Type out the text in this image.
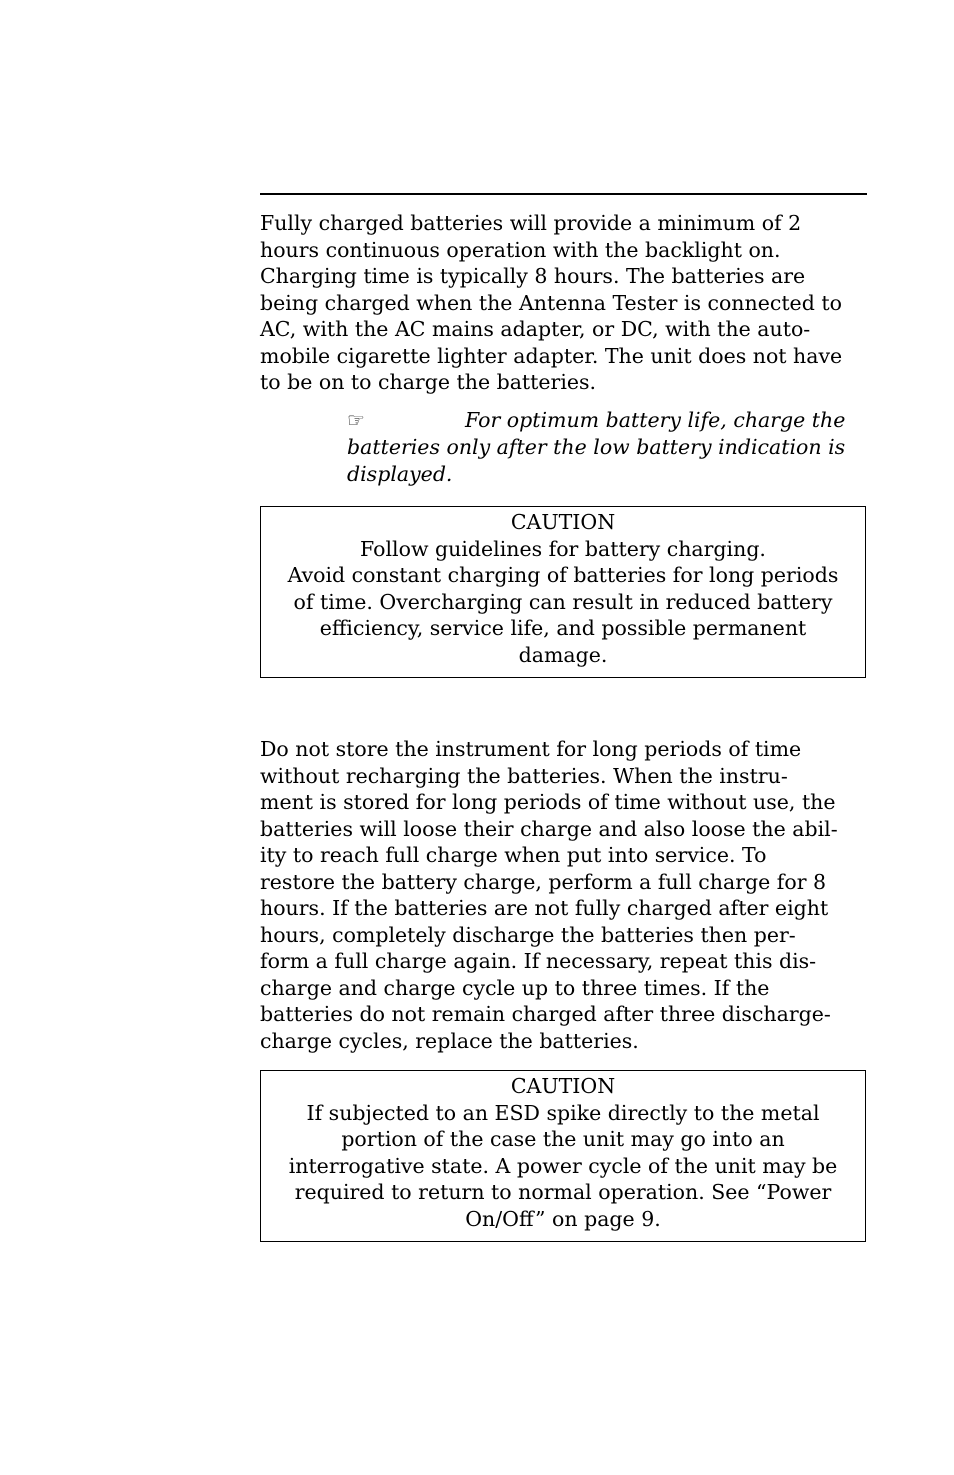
Fully charged batteries will provide a minimum of 2
hours continuous operation with the backlight on.
Charging time is typically 8 hours. The batteries are
being charged when the Antenna Tester is connected to
AC, with the AC mains adapter, or DC, with the auto-
mobile cigarette lighter adapter. The unit does not have
to be on to charge the batteries.
☞	For optimum battery life, charge the
batteries only after the low battery indication is
displayed.
CAUTION
Follow guidelines for battery charging.
Avoid constant charging of batteries for long periods
of time. Overcharging can result in reduced battery
efficiency, service life, and possible permanent
damage.
Do not store the instrument for long periods of time
without recharging the batteries. When the instru-
ment is stored for long periods of time without use, the
batteries will loose their charge and also loose the abil-
ity to reach full charge when put into service. To
restore the battery charge, perform a full charge for 8
hours. If the batteries are not fully charged after eight
hours, completely discharge the batteries then per-
form a full charge again. If necessary, repeat this dis-
charge and charge cycle up to three times. If the
batteries do not remain charged after three discharge-
charge cycles, replace the batteries.
CAUTION
If subjected to an ESD spike directly to the metal
portion of the case the unit may go into an
interrogative state. A power cycle of the unit may be
required to return to normal operation. See “Power
On/Off” on page 9.
